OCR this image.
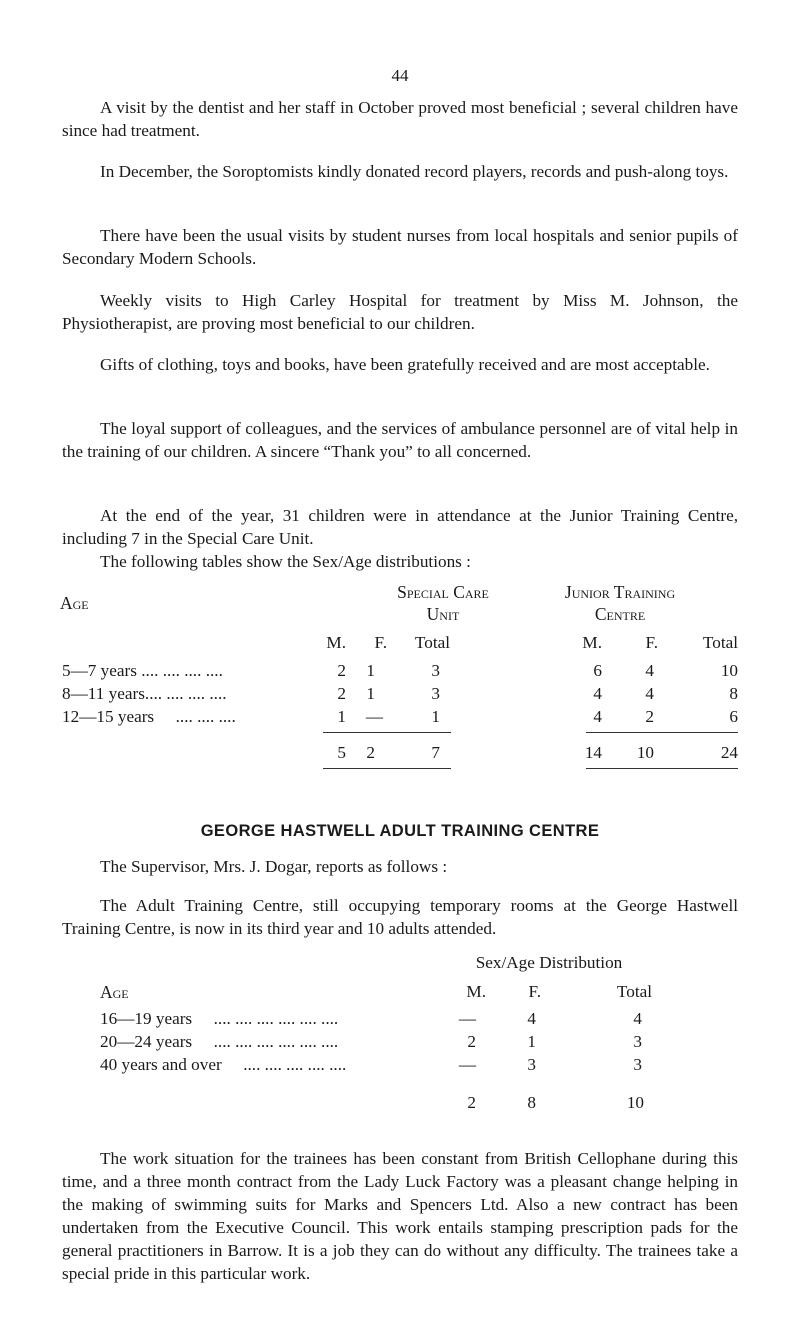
44

A visit by the dentist and her staff in October proved most beneficial ; several children have since had treatment.

In December, the Soroptomists kindly donated record players, records and push-along toys.

There have been the usual visits by student nurses from local hospitals and senior pupils of Secondary Modern Schools.

Weekly visits to High Carley Hospital for treatment by Miss M. Johnson, the Physiotherapist, are proving most beneficial to our children.

Gifts of clothing, toys and books, have been gratefully received and are most acceptable.

The loyal support of colleagues, and the services of ambulance personnel are of vital help in the training of our children. A sincere “Thank you” to all concerned.

At the end of the year, 31 children were in attendance at the Junior Training Centre, including 7 in the Special Care Unit.

The following tables show the Sex/Age distributions :

Age
Special Care
Unit
Junior Training
Centre
M.	F.	Total	M.	F.	Total
5—7 years .... .... .... ....	2	1	3	6	4	10
8—11 years.... .... .... ....	2	1	3	4	4	8
12—15 years .... .... ....	1	—	1	4	2	6
5	2	7	14	10	24
GEORGE HASTWELL ADULT TRAINING CENTRE

The Supervisor, Mrs. J. Dogar, reports as follows :

The Adult Training Centre, still occupying temporary rooms at the George Hastwell Training Centre, is now in its third year and 10 adults attended.

Sex/Age Distribution
Age	M.	F.	Total
16—19 years .... .... .... .... .... ....	—	4	4
20—24 years .... .... .... .... .... ....	2	1	3
40 years and over .... .... .... .... ....	—	3	3
2	8	10

The work situation for the trainees has been constant from British Cellophane during this time, and a three month contract from the Lady Luck Factory was a pleasant change helping in the making of swimming suits for Marks and Spencers Ltd. Also a new contract has been undertaken from the Executive Council. This work entails stamping prescription pads for the general practitioners in Barrow. It is a job they can do without any difficulty. The trainees take a special pride in this particular work.
